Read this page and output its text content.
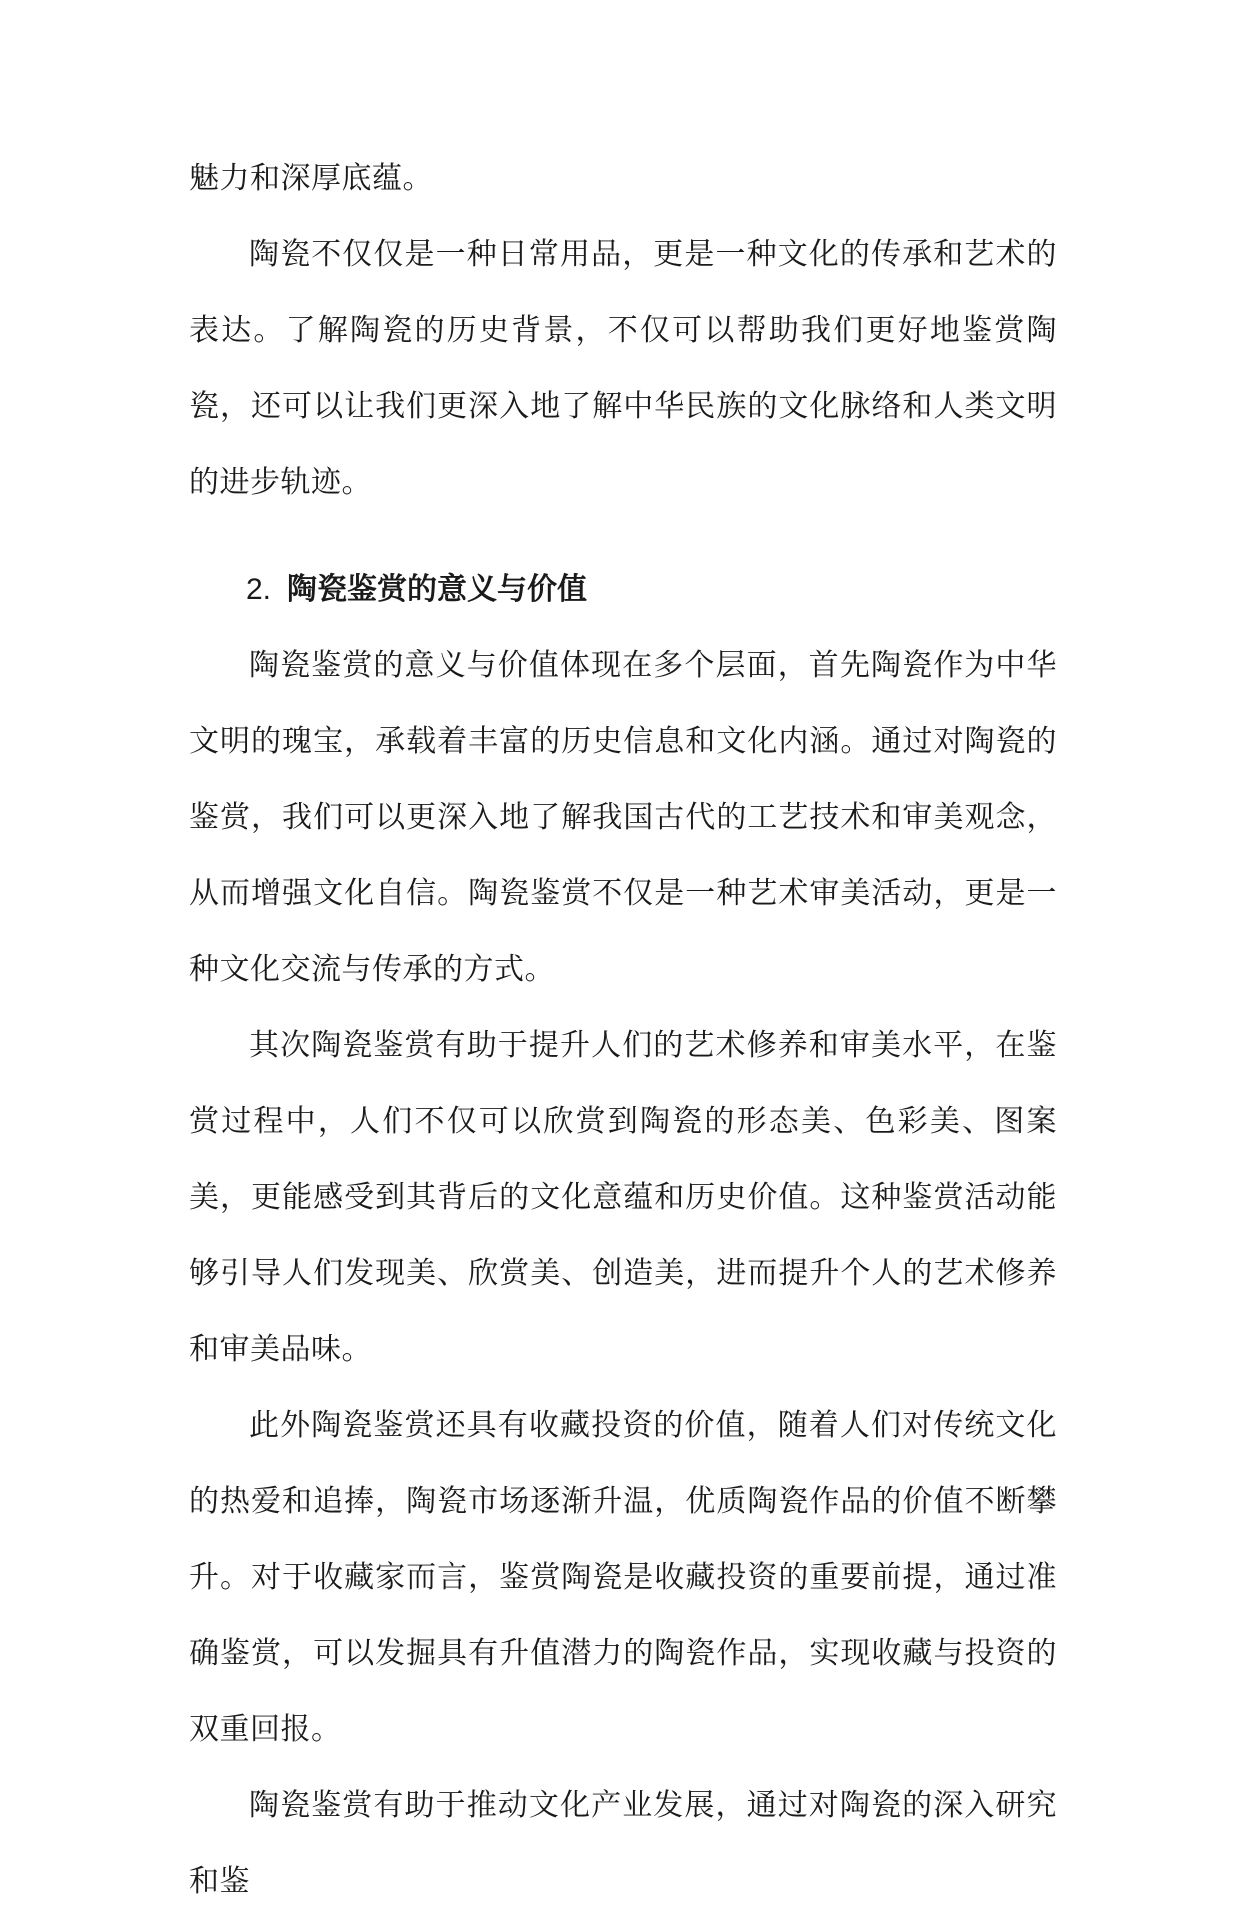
魅力和深厚底蕴。

陶瓷不仅仅是一种日常用品，更是一种文化的传承和艺术的表达。了解陶瓷的历史背景，不仅可以帮助我们更好地鉴赏陶瓷，还可以让我们更深入地了解中华民族的文化脉络和人类文明的进步轨迹。

2. 陶瓷鉴赏的意义与价值

陶瓷鉴赏的意义与价值体现在多个层面，首先陶瓷作为中华文明的瑰宝，承载着丰富的历史信息和文化内涵。通过对陶瓷的鉴赏，我们可以更深入地了解我国古代的工艺技术和审美观念，从而增强文化自信。陶瓷鉴赏不仅是一种艺术审美活动，更是一种文化交流与传承的方式。

其次陶瓷鉴赏有助于提升人们的艺术修养和审美水平，在鉴赏过程中，人们不仅可以欣赏到陶瓷的形态美、色彩美、图案美，更能感受到其背后的文化意蕴和历史价值。这种鉴赏活动能够引导人们发现美、欣赏美、创造美，进而提升个人的艺术修养和审美品味。

此外陶瓷鉴赏还具有收藏投资的价值，随着人们对传统文化的热爱和追捧，陶瓷市场逐渐升温，优质陶瓷作品的价值不断攀升。对于收藏家而言，鉴赏陶瓷是收藏投资的重要前提，通过准确鉴赏，可以发掘具有升值潜力的陶瓷作品，实现收藏与投资的双重回报。

陶瓷鉴赏有助于推动文化产业发展，通过对陶瓷的深入研究和鉴
